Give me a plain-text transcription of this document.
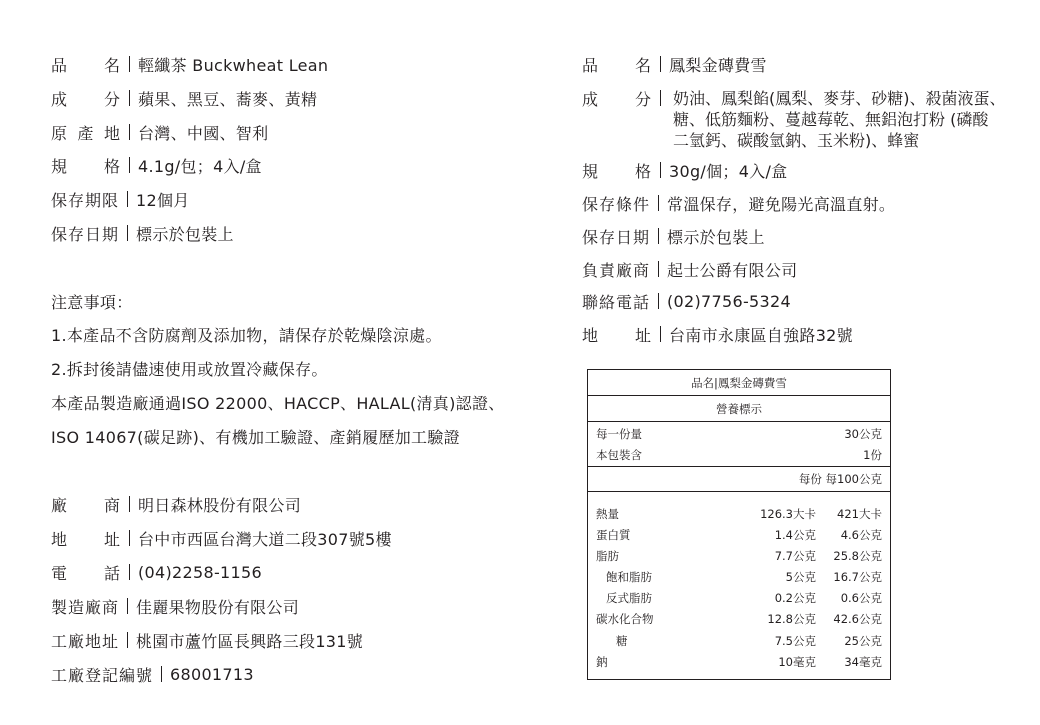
品 名 輕纖茶 Buckwheat Lean
成 分 蘋果、黑豆、蕎麥、黃精
原 產 地 台灣、中國、智利
規 格 4.1g/包；4入/盒
保存期限 12個月
保存日期 標示於包裝上
注意事項：
1.本產品不含防腐劑及添加物，請保存於乾燥陰涼處。
2.拆封後請儘速使用或放置冷藏保存。
本產品製造廠通過ISO 22000、HACCP、HALAL(清真)認證、
ISO 14067(碳足跡)、有機加工驗證、產銷履歷加工驗證
廠 商 明日森林股份有限公司
地 址 台中市西區台灣大道二段307號5樓
電 話 (04)2258-1156
製造廠商 佳麗果物股份有限公司
工廠地址 桃園市蘆竹區長興路三段131號
工廠登記編號 68001713
品 名 鳳梨金磚費雪
成 分 奶油、鳳梨餡(鳳梨、麥芽、砂糖)、殺菌液蛋、
糖、低筋麵粉、蔓越莓乾、無鋁泡打粉 (磷酸
二氫鈣、碳酸氫鈉、玉米粉)、蜂蜜
規 格 30g/個；4入/盒
保存條件 常溫保存，避免陽光高溫直射。
保存日期 標示於包裝上
負責廠商 起士公爵有限公司
聯絡電話 (02)7756-5324
地 址 台南市永康區自強路32號
品名|鳳梨金磚費雪
營養標示
每一份量	30公克
本包裝含	1份
每份 每100公克
熱量	126.3大卡 421大卡
蛋白質	1.4公克 4.6公克
脂肪	7.7公克 25.8公克
飽和脂肪	5公克 16.7公克
反式脂肪	0.2公克 0.6公克
碳水化合物	12.8公克 42.6公克
糖	7.5公克 25公克
鈉	10毫克 34毫克
